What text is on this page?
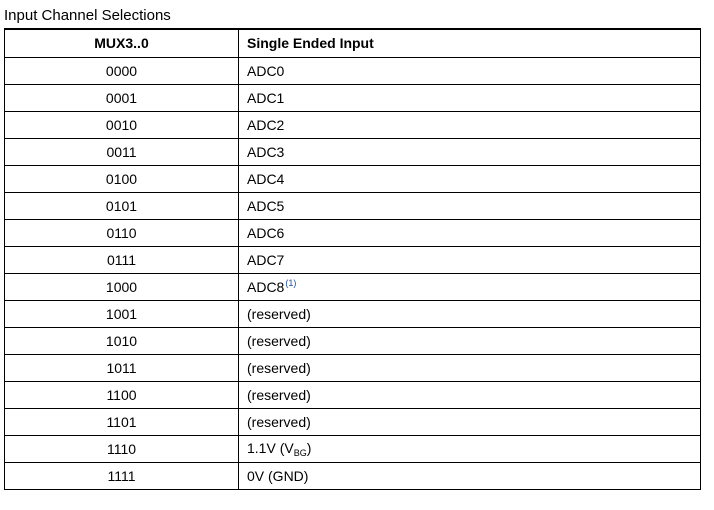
Input Channel Selections
MUX3..0	Single Ended Input
0000	ADC0
0001	ADC1
0010	ADC2
0011	ADC3
0100	ADC4
0101	ADC5
0110	ADC6
0111	ADC7
1000	ADC8$^{(1)}$
1001	(reserved)
1010	(reserved)
1011	(reserved)
1100	(reserved)
1101	(reserved)
1110	1.1V $(V_{BG})$
1111	0V (GND)
